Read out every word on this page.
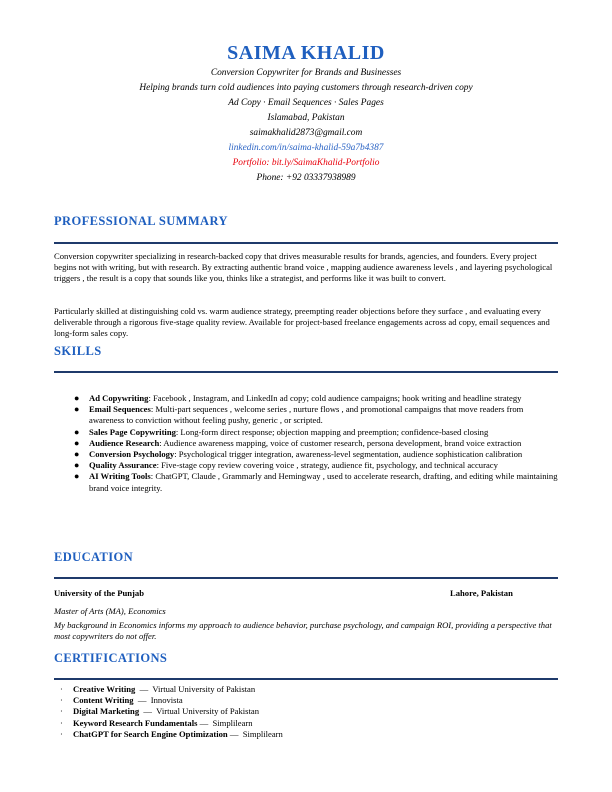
SAIMA KHALID
Conversion Copywriter for Brands and Businesses
Helping brands turn cold audiences into paying customers through research-driven copy
Ad Copy · Email Sequences · Sales Pages
Islamabad, Pakistan
saimakhalid2873@gmail.com
linkedin.com/in/saima-khalid-59a7b4387
Portfolio: bit.ly/SaimaKhalid-Portfolio
Phone: +92 03337938989
PROFESSIONAL SUMMARY
Conversion copywriter specializing in research-backed copy that drives measurable results for brands, agencies, and founders. Every project begins not with writing, but with research. By extracting authentic brand voice , mapping audience awareness levels , and layering psychological triggers , the result is a copy that sounds like you, thinks like a strategist, and performs like it was built to convert.
Particularly skilled at distinguishing cold vs. warm audience strategy, preempting reader objections before they surface , and evaluating every deliverable through a rigorous five-stage quality review. Available for project-based freelance engagements across ad copy, email sequences and long-form sales copy.
SKILLS
● Ad Copywriting: Facebook , Instagram, and LinkedIn ad copy; cold audience campaigns; hook writing and headline strategy
● Email Sequences: Multi-part sequences , welcome series , nurture flows , and promotional campaigns that move readers from awareness to conviction without feeling pushy, generic , or scripted.
● Sales Page Copywriting: Long-form direct response; objection mapping and preemption; confidence-based closing
● Audience Research: Audience awareness mapping, voice of customer research, persona development, brand voice extraction
● Conversion Psychology: Psychological trigger integration, awareness-level segmentation, audience sophistication calibration
● Quality Assurance: Five-stage copy review covering voice , strategy, audience fit, psychology, and technical accuracy
● AI Writing Tools: ChatGPT, Claude , Grammarly and Hemingway , used to accelerate research, drafting, and editing while maintaining brand voice integrity.
EDUCATION
University of the Punjab	Lahore, Pakistan
Master of Arts (MA), Economics
My background in Economics informs my approach to audience behavior, purchase psychology, and campaign ROI, providing a perspective that most copywriters do not offer.
CERTIFICATIONS
· Creative Writing  —  Virtual University of Pakistan
· Content Writing  —  Innovista
· Digital Marketing  —  Virtual University of Pakistan
· Keyword Research Fundamentals —  Simplilearn
· ChatGPT for Search Engine Optimization —  Simplilearn
